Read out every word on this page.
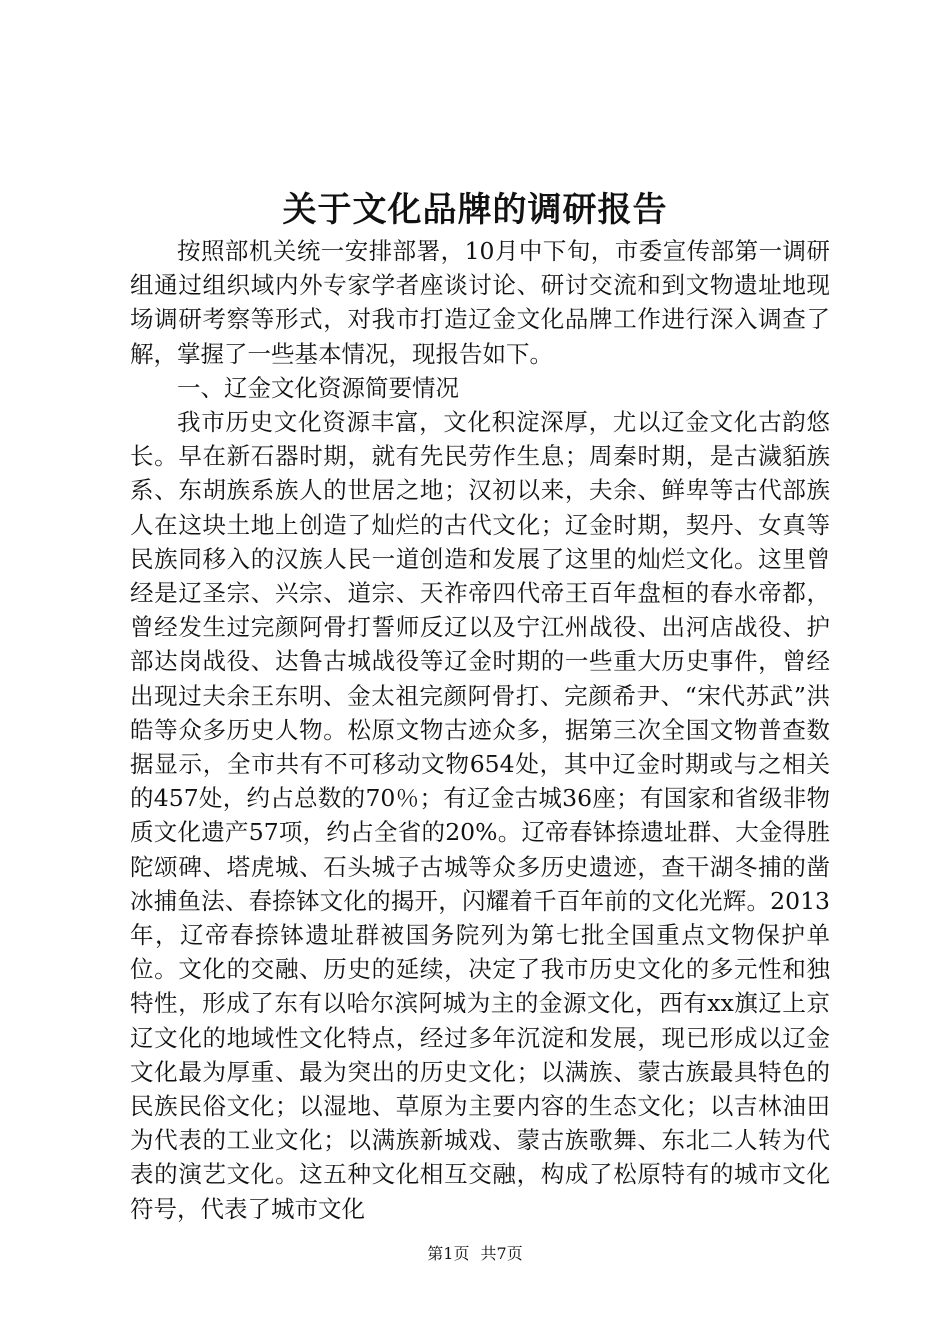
关于文化品牌的调研报告

按照部机关统一安排部署，10月中下旬，市委宣传部第一调研组通过组织域内外专家学者座谈讨论、研讨交流和到文物遗址地现场调研考察等形式，对我市打造辽金文化品牌工作进行深入调查了解，掌握了一些基本情况，现报告如下。

一、辽金文化资源简要情况

我市历史文化资源丰富，文化积淀深厚，尤以辽金文化古韵悠长。早在新石器时期，就有先民劳作生息；周秦时期，是古濊貊族系、东胡族系族人的世居之地；汉初以来，夫余、鲜卑等古代部族人在这块土地上创造了灿烂的古代文化；辽金时期，契丹、女真等民族同移入的汉族人民一道创造和发展了这里的灿烂文化。这里曾经是辽圣宗、兴宗、道宗、天祚帝四代帝王百年盘桓的春水帝都，曾经发生过完颜阿骨打誓师反辽以及宁江州战役、出河店战役、护部达岗战役、达鲁古城战役等辽金时期的一些重大历史事件，曾经出现过夫余王东明、金太祖完颜阿骨打、完颜希尹、“宋代苏武”洪皓等众多历史人物。松原文物古迹众多，据第三次全国文物普查数据显示，全市共有不可移动文物654处，其中辽金时期或与之相关的457处，约占总数的70％；有辽金古城36座；有国家和省级非物质文化遗产57项，约占全省的20%。辽帝春钵捺遗址群、大金得胜陀颂碑、塔虎城、石头城子古城等众多历史遗迹，查干湖冬捕的凿冰捕鱼法、春捺钵文化的揭开，闪耀着千百年前的文化光辉。2013年，辽帝春捺钵遗址群被国务院列为第七批全国重点文物保护单位。文化的交融、历史的延续，决定了我市历史文化的多元性和独特性，形成了东有以哈尔滨阿城为主的金源文化，西有xx旗辽上京辽文化的地域性文化特点，经过多年沉淀和发展，现已形成以辽金文化最为厚重、最为突出的历史文化；以满族、蒙古族最具特色的民族民俗文化；以湿地、草原为主要内容的生态文化；以吉林油田为代表的工业文化；以满族新城戏、蒙古族歌舞、东北二人转为代表的演艺文化。这五种文化相互交融，构成了松原特有的城市文化符号，代表了城市文化

第1页 共7页
